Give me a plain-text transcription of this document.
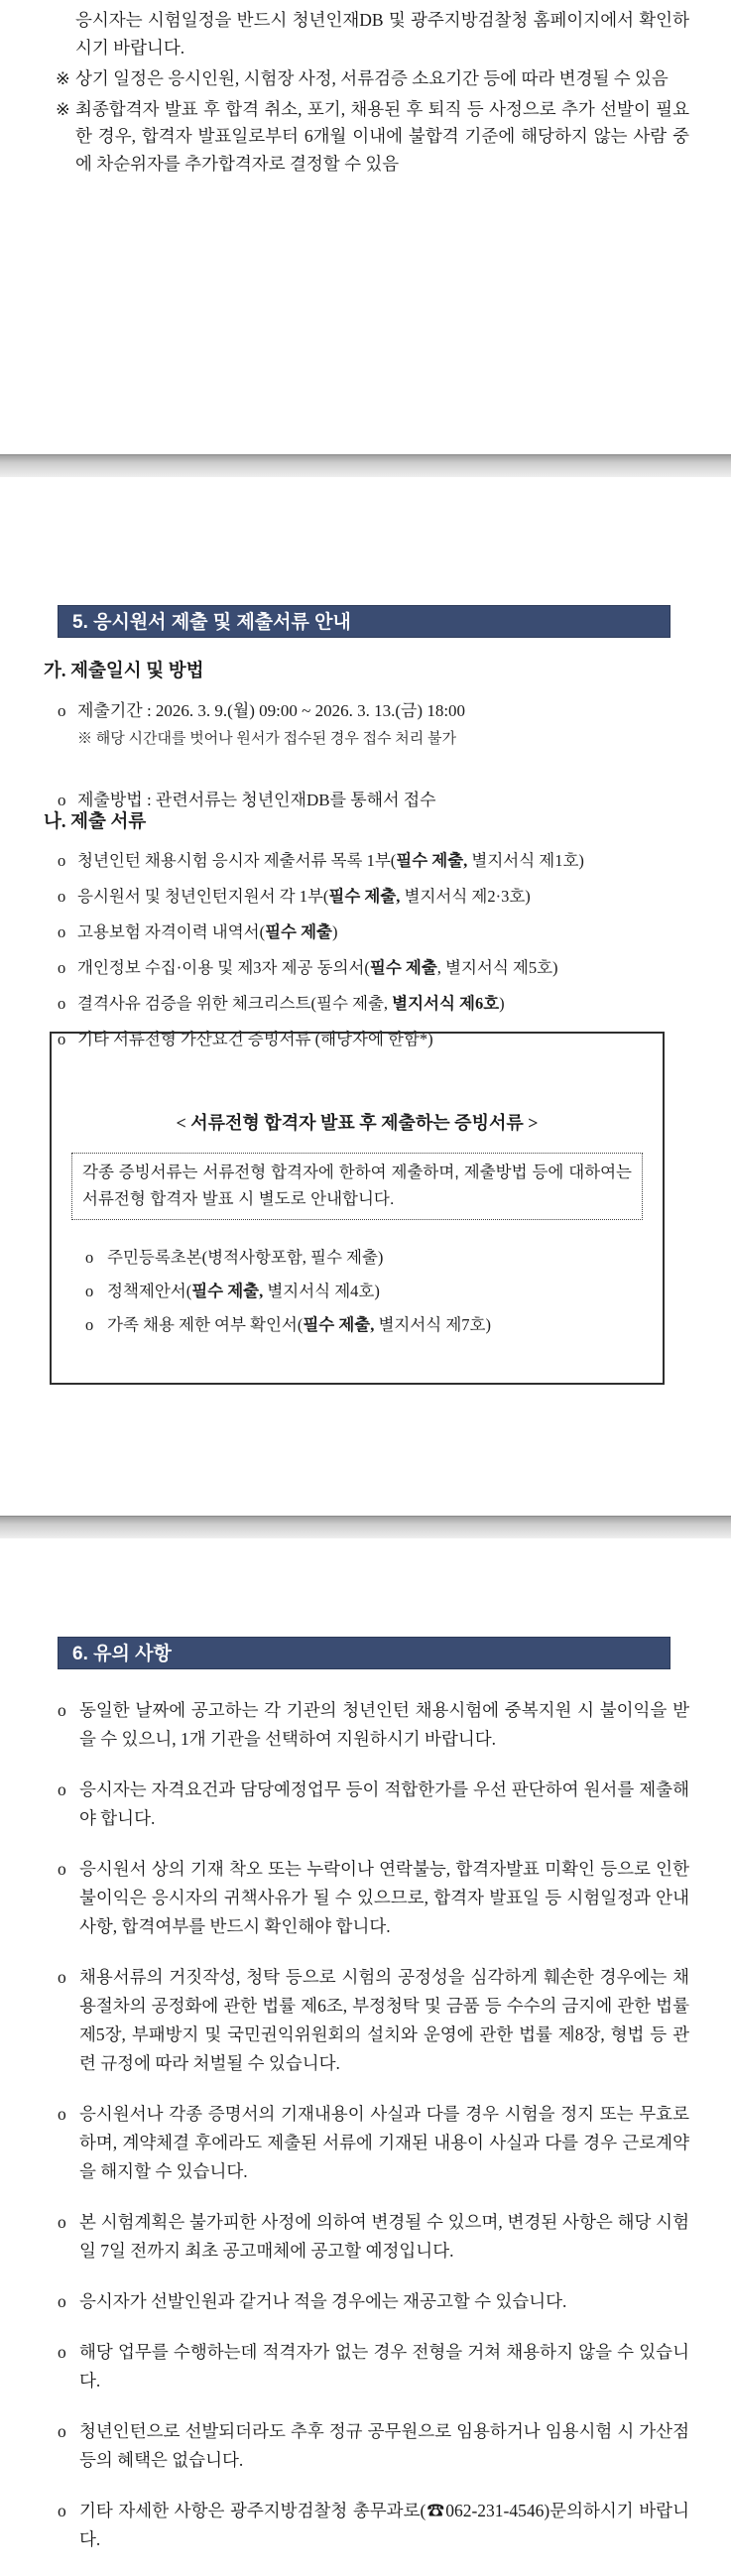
응시자는 시험일정을 반드시 청년인재DB 및 광주지방검찰청 홈페이지에서 확인하시기 바랍니다.

※ 상기 일정은 응시인원, 시험장 사정, 서류검증 소요기간 등에 따라 변경될 수 있음
※ 최종합격자 발표 후 합격 취소, 포기, 채용된 후 퇴직 등 사정으로 추가 선발이 필요한 경우, 합격자 발표일로부터 6개월 이내에 불합격 기준에 해당하지 않는 사람 중에 차순위자를 추가합격자로 결정할 수 있음
5. 응시원서 제출 및 제출서류 안내
가. 제출일시 및 방법
o 제출기간 : 2026. 3. 9.(월) 09:00 ~ 2026. 3. 13.(금) 18:00
※ 해당 시간대를 벗어나 원서가 접수된 경우 접수 처리 불가
o 제출방법 : 관련서류는 청년인재DB를 통해서 접수
나. 제출 서류
o 청년인턴 채용시험 응시자 제출서류 목록 1부(필수 제출, 별지서식 제1호)
o 응시원서 및 청년인턴지원서 각 1부(필수 제출, 별지서식 제2·3호)
o 고용보험 자격이력 내역서(필수 제출)
o 개인정보 수집·이용 및 제3자 제공 동의서(필수 제출, 별지서식 제5호)
o 결격사유 검증을 위한 체크리스트(필수 제출, 별지서식 제6호)
o 기타 서류전형 가산요건 증빙서류 (해당자에 한함*)
< 서류전형 합격자 발표 후 제출하는 증빙서류 >
각종 증빙서류는 서류전형 합격자에 한하여 제출하며, 제출방법 등에 대하여는 서류전형 합격자 발표 시 별도로 안내합니다.
o 주민등록초본(병적사항포함, 필수 제출)
o 정책제안서(필수 제출, 별지서식 제4호)
o 가족 채용 제한 여부 확인서(필수 제출, 별지서식 제7호)
6. 유의 사항
o 동일한 날짜에 공고하는 각 기관의 청년인턴 채용시험에 중복지원 시 불이익을 받을 수 있으니, 1개 기관을 선택하여 지원하시기 바랍니다.
o 응시자는 자격요건과 담당예정업무 등이 적합한가를 우선 판단하여 원서를 제출해야 합니다.
o 응시원서 상의 기재 착오 또는 누락이나 연락불능, 합격자발표 미확인 등으로 인한 불이익은 응시자의 귀책사유가 될 수 있으므로, 합격자 발표일 등 시험일정과 안내사항, 합격여부를 반드시 확인해야 합니다.
o 채용서류의 거짓작성, 청탁 등으로 시험의 공정성을 심각하게 훼손한 경우에는 채용절차의 공정화에 관한 법률 제6조, 부정청탁 및 금품 등 수수의 금지에 관한 법률 제5장, 부패방지 및 국민권익위원회의 설치와 운영에 관한 법률 제8장, 형법 등 관련 규정에 따라 처벌될 수 있습니다.
o 응시원서나 각종 증명서의 기재내용이 사실과 다를 경우 시험을 정지 또는 무효로 하며, 계약체결 후에라도 제출된 서류에 기재된 내용이 사실과 다를 경우 근로계약을 해지할 수 있습니다.
o 본 시험계획은 불가피한 사정에 의하여 변경될 수 있으며, 변경된 사항은 해당 시험일 7일 전까지 최초 공고매체에 공고할 예정입니다.
o 응시자가 선발인원과 같거나 적을 경우에는 재공고할 수 있습니다.
o 해당 업무를 수행하는데 적격자가 없는 경우 전형을 거쳐 채용하지 않을 수 있습니다.
o 청년인턴으로 선발되더라도 추후 정규 공무원으로 임용하거나 임용시험 시 가산점 등의 혜택은 없습니다.
o 기타 자세한 사항은 광주지방검찰청 총무과로(☎062-231-4546)문의하시기 바랍니다.
